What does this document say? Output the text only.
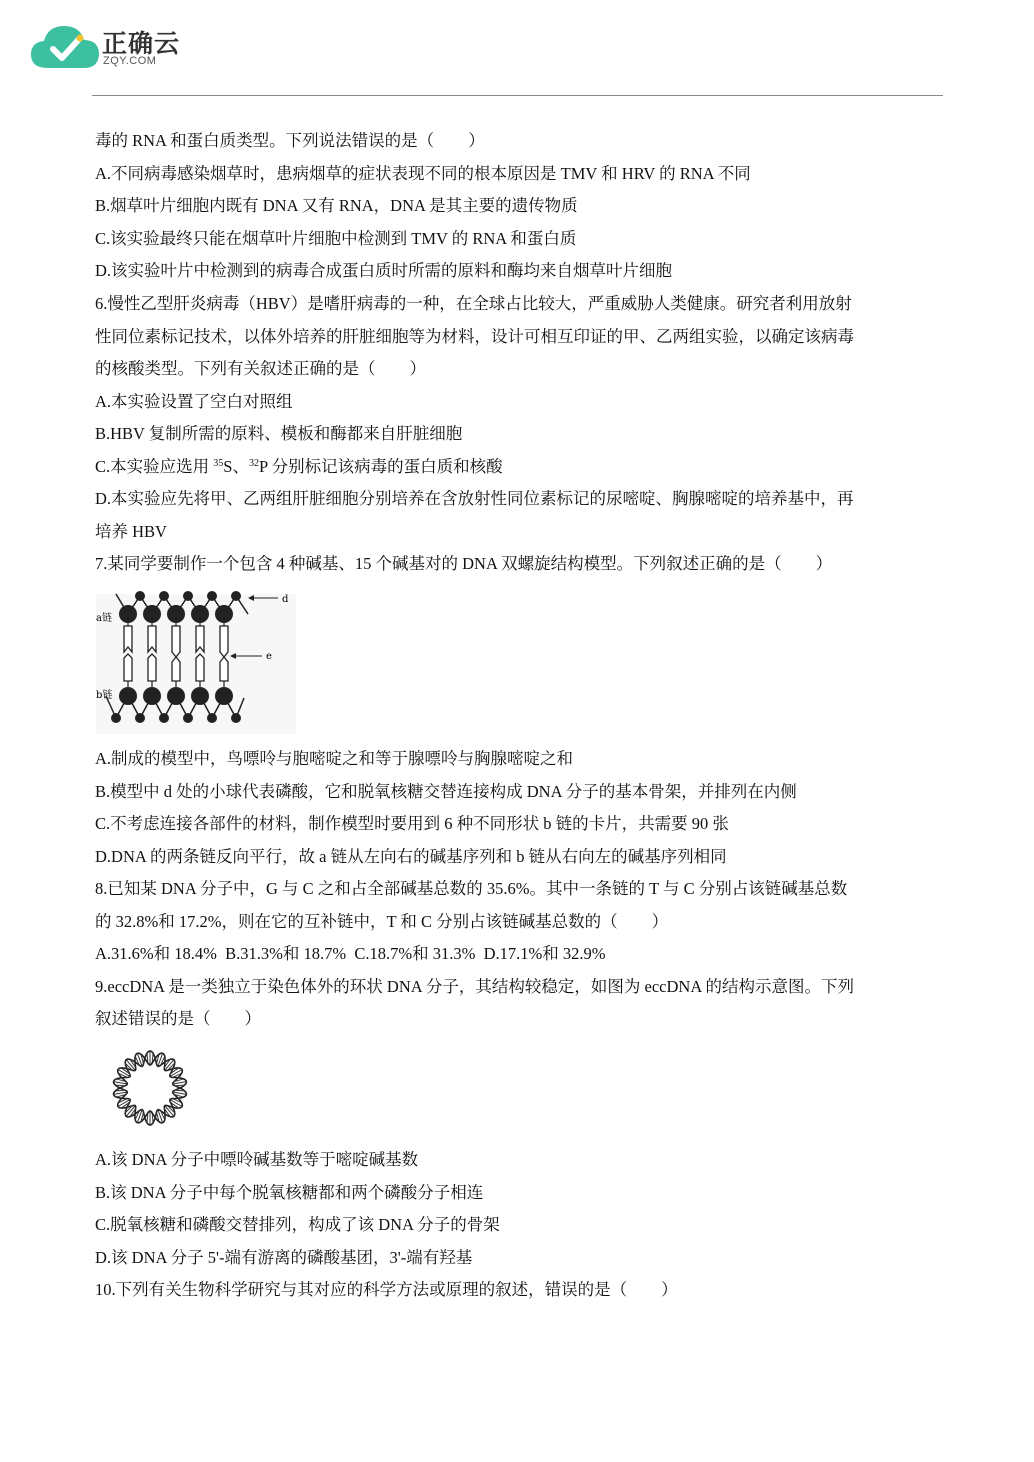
正确云
ZQY.COM
毒的 RNA 和蛋白质类型。下列说法错误的是（ ）
A.不同病毒感染烟草时，患病烟草的症状表现不同的根本原因是 TMV 和 HRV 的 RNA 不同
B.烟草叶片细胞内既有 DNA 又有 RNA，DNA 是其主要的遗传物质
C.该实验最终只能在烟草叶片细胞中检测到 TMV 的 RNA 和蛋白质
D.该实验叶片中检测到的病毒合成蛋白质时所需的原料和酶均来自烟草叶片细胞
6.慢性乙型肝炎病毒（HBV）是嗜肝病毒的一种，在全球占比较大，严重威胁人类健康。研究者利用放射
性同位素标记技术，以体外培养的肝脏细胞等为材料，设计可相互印证的甲、乙两组实验，以确定该病毒
的核酸类型。下列有关叙述正确的是（ ）
A.本实验设置了空白对照组
B.HBV 复制所需的原料、模板和酶都来自肝脏细胞
C.本实验应选用 $^{35}$S、$^{32}$P 分别标记该病毒的蛋白质和核酸
D.本实验应先将甲、乙两组肝脏细胞分别培养在含放射性同位素标记的尿嘧啶、胸腺嘧啶的培养基中，再
培养 HBV
7.某同学要制作一个包含 4 种碱基、15 个碱基对的 DNA 双螺旋结构模型。下列叙述正确的是（ ）
a链
b链
d
e
A.制成的模型中，鸟嘌呤与胞嘧啶之和等于腺嘌呤与胸腺嘧啶之和
B.模型中 d 处的小球代表磷酸，它和脱氧核糖交替连接构成 DNA 分子的基本骨架，并排列在内侧
C.不考虑连接各部件的材料，制作模型时要用到 6 种不同形状 b 链的卡片，共需要 90 张
D.DNA 的两条链反向平行，故 a 链从左向右的碱基序列和 b 链从右向左的碱基序列相同
8.已知某 DNA 分子中，G 与 C 之和占全部碱基总数的 35.6%。其中一条链的 T 与 C 分别占该链碱基总数
的 32.8%和 17.2%，则在它的互补链中，T 和 C 分别占该链碱基总数的（ ）
A.31.6%和 18.4%  B.31.3%和 18.7%  C.18.7%和 31.3%  D.17.1%和 32.9%
9.eccDNA 是一类独立于染色体外的环状 DNA 分子，其结构较稳定，如图为 eccDNA 的结构示意图。下列
叙述错误的是（ ）
A.该 DNA 分子中嘌呤碱基数等于嘧啶碱基数
B.该 DNA 分子中每个脱氧核糖都和两个磷酸分子相连
C.脱氧核糖和磷酸交替排列，构成了该 DNA 分子的骨架
D.该 DNA 分子 5'-端有游离的磷酸基团，3'-端有羟基
10.下列有关生物科学研究与其对应的科学方法或原理的叙述，错误的是（ ）
